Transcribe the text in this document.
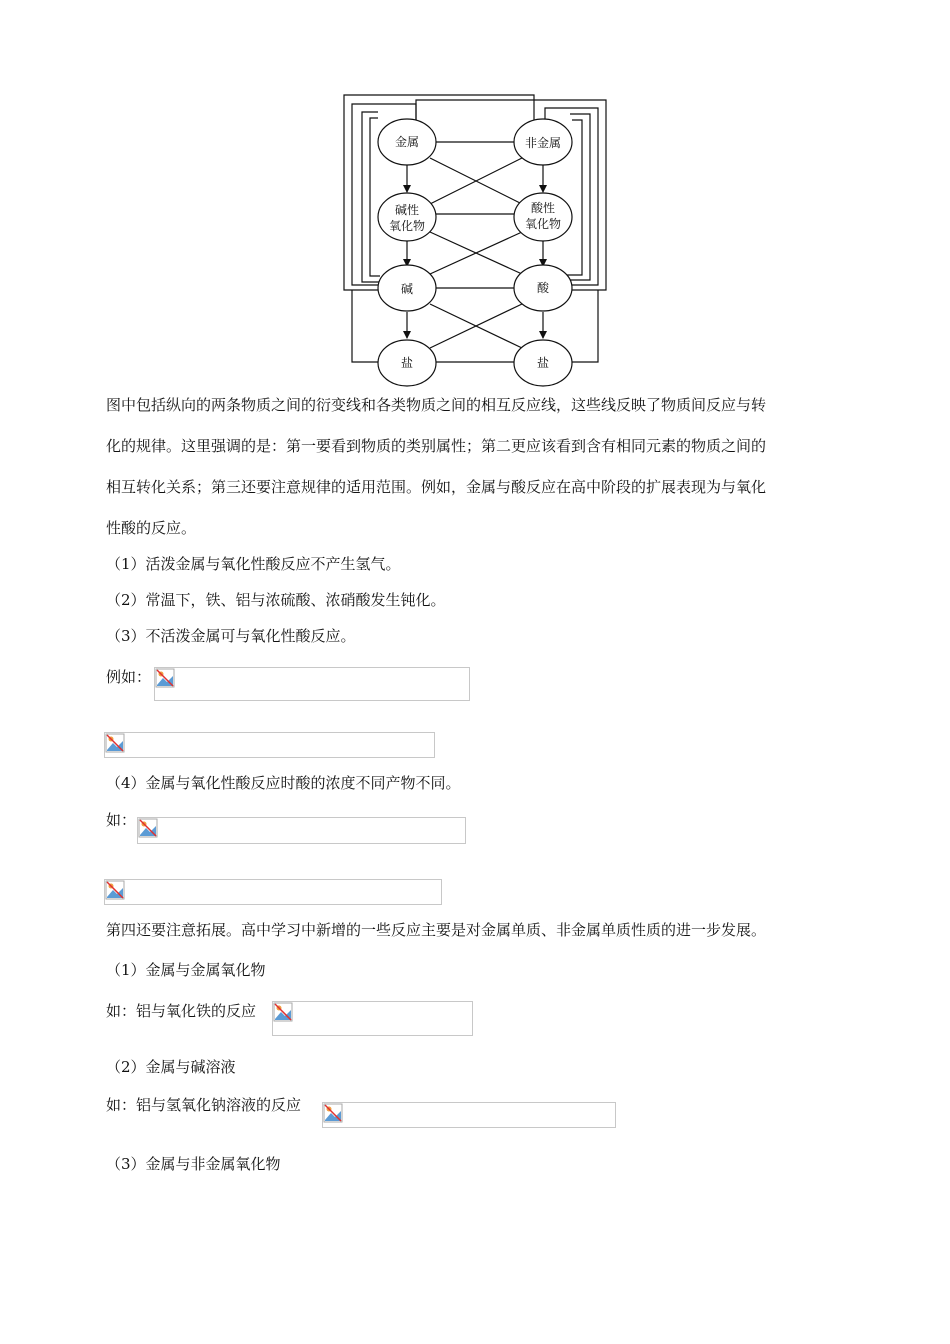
金属	非金属
碱性
氧化物
酸性
氧化物
碱	酸
盐	盐
图中包括纵向的两条物质之间的衍变线和各类物质之间的相互反应线，这些线反映了物质间反应与转
化的规律。这里强调的是：第一要看到物质的类别属性；第二更应该看到含有相同元素的物质之间的
相互转化关系；第三还要注意规律的适用范围。例如，金属与酸反应在高中阶段的扩展表现为与氧化
性酸的反应。
（1）活泼金属与氧化性酸反应不产生氢气。
（2）常温下，铁、铝与浓硫酸、浓硝酸发生钝化。
（3）不活泼金属可与氧化性酸反应。
例如：
（4）金属与氧化性酸反应时酸的浓度不同产物不同。
如：
第四还要注意拓展。高中学习中新增的一些反应主要是对金属单质、非金属单质性质的进一步发展。
（1）金属与金属氧化物
如：铝与氧化铁的反应
（2）金属与碱溶液
如：铝与氢氧化钠溶液的反应
（3）金属与非金属氧化物
